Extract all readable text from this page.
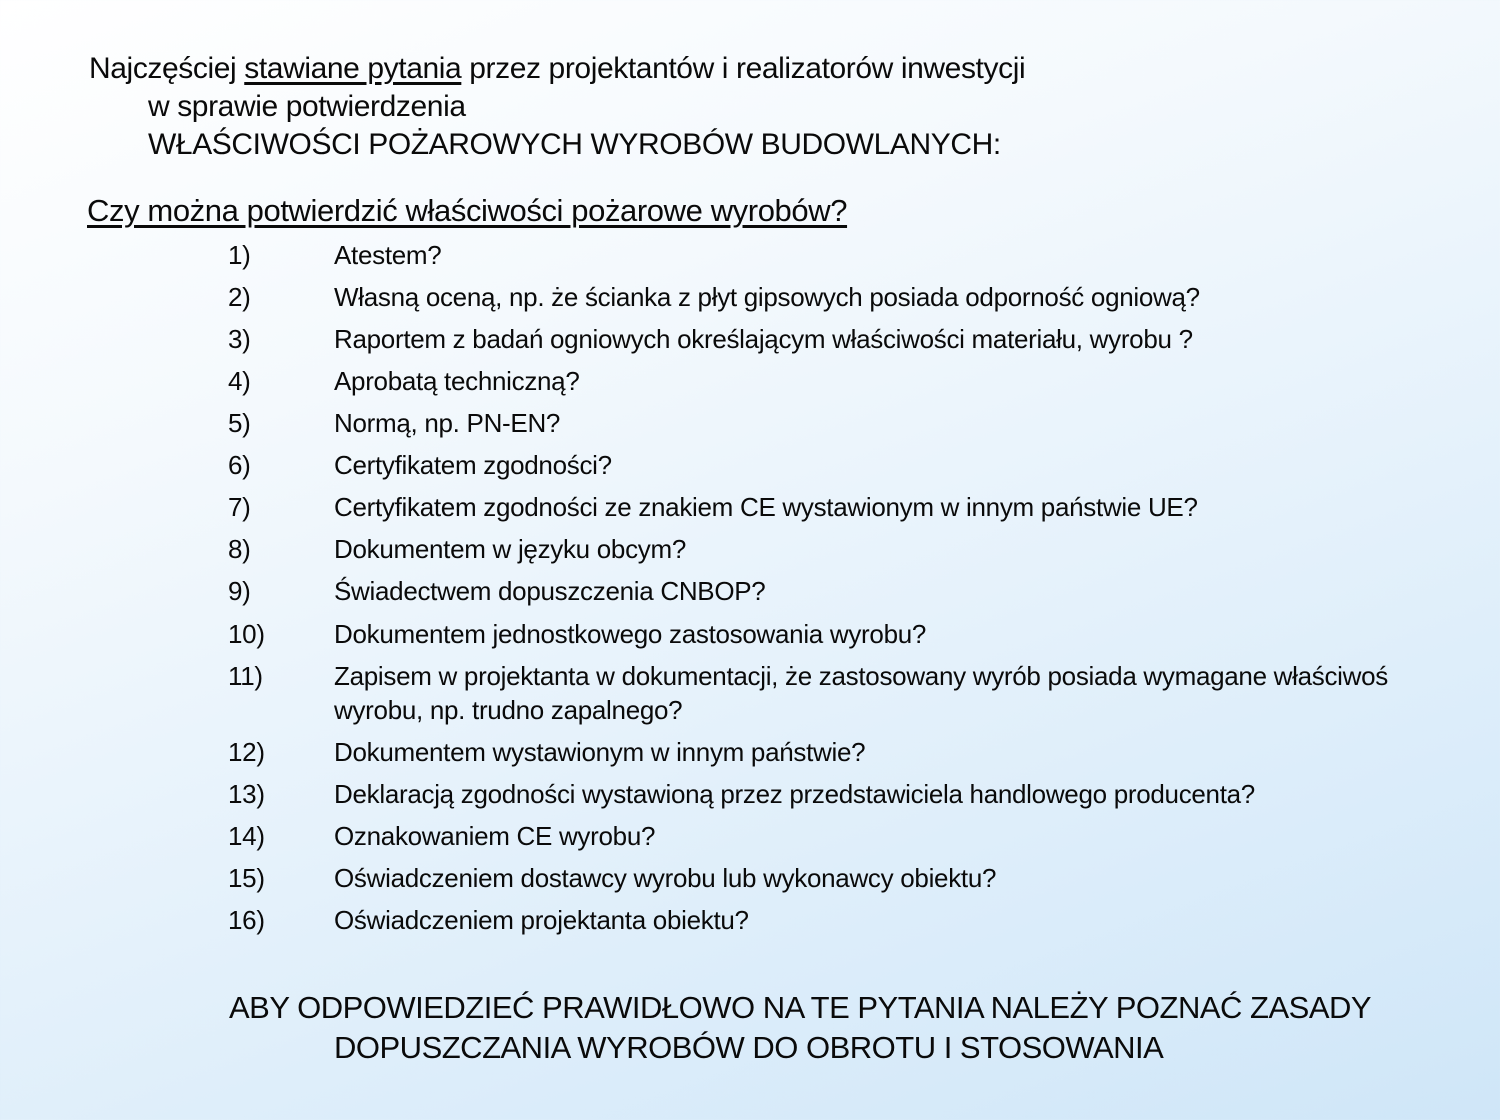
Najczęściej stawiane pytania przez projektantów i realizatorów inwestycji
w sprawie potwierdzenia
WŁAŚCIWOŚCI POŻAROWYCH WYROBÓW BUDOWLANYCH:
Czy można potwierdzić właściwości pożarowe wyrobów?
1)	Atestem?
2)	Własną oceną, np. że ścianka z płyt gipsowych posiada odporność ogniową?
3)	Raportem z badań ogniowych określającym właściwości materiału, wyrobu ?
4)	Aprobatą techniczną?
5)	Normą, np. PN-EN?
6)	Certyfikatem zgodności?
7)	Certyfikatem zgodności ze znakiem CE wystawionym w innym państwie UE?
8)	Dokumentem w języku obcym?
9)	Świadectwem dopuszczenia CNBOP?
10)	Dokumentem jednostkowego zastosowania wyrobu?
11)	Zapisem w projektanta w dokumentacji, że zastosowany wyrób posiada wymagane właściwoś
wyrobu, np. trudno zapalnego?
12)	Dokumentem wystawionym w innym państwie?
13)	Deklaracją zgodności wystawioną przez przedstawiciela handlowego producenta?
14)	Oznakowaniem CE wyrobu?
15)	Oświadczeniem dostawcy wyrobu lub wykonawcy obiektu?
16)	Oświadczeniem projektanta obiektu?
ABY ODPOWIEDZIEĆ PRAWIDŁOWO NA TE PYTANIA NALEŻY POZNAĆ ZASADY
DOPUSZCZANIA WYROBÓW DO OBROTU I STOSOWANIA
